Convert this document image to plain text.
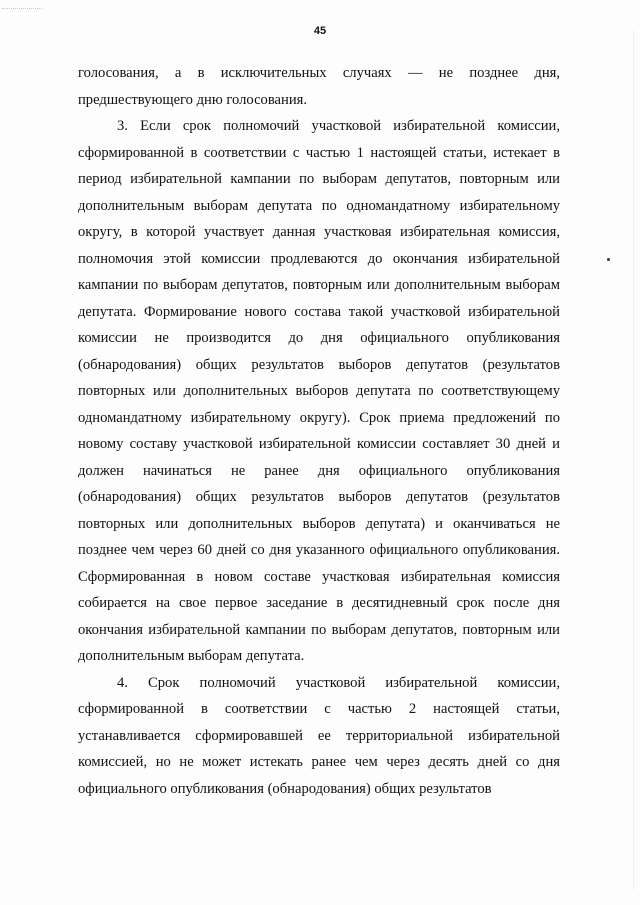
45

голосования, а в исключительных случаях — не позднее дня, предшествующего дню голосования.

3. Если срок полномочий участковой избирательной комиссии, сформированной в соответствии с частью 1 настоящей статьи, истекает в период избирательной кампании по выборам депутатов, повторным или дополнительным выборам депутата по одномандатному избирательному округу, в которой участвует данная участковая избирательная комиссия, полномочия этой комиссии продлеваются до окончания избирательной кампании по выборам депутатов, повторным или дополнительным выборам депутата. Формирование нового состава такой участковой избирательной комиссии не производится до дня официального опубликования (обнародования) общих результатов выборов депутатов (результатов повторных или дополнительных выборов депутата по соответствующему одномандатному избирательному округу). Срок приема предложений по новому составу участковой избирательной комиссии составляет 30 дней и должен начинаться не ранее дня официального опубликования (обнародования) общих результатов выборов депутатов (результатов повторных или дополнительных выборов депутата) и оканчиваться не позднее чем через 60 дней со дня указанного официального опубликования. Сформированная в новом составе участковая избирательная комиссия собирается на свое первое заседание в десятидневный срок после дня окончания избирательной кампании по выборам депутатов, повторным или дополнительным выборам депутата.

4. Срок полномочий участковой избирательной комиссии, сформированной в соответствии с частью 2 настоящей статьи, устанавливается сформировавшей ее территориальной избирательной комиссией, но не может истекать ранее чем через десять дней со дня официального опубликования (обнародования) общих результатов
